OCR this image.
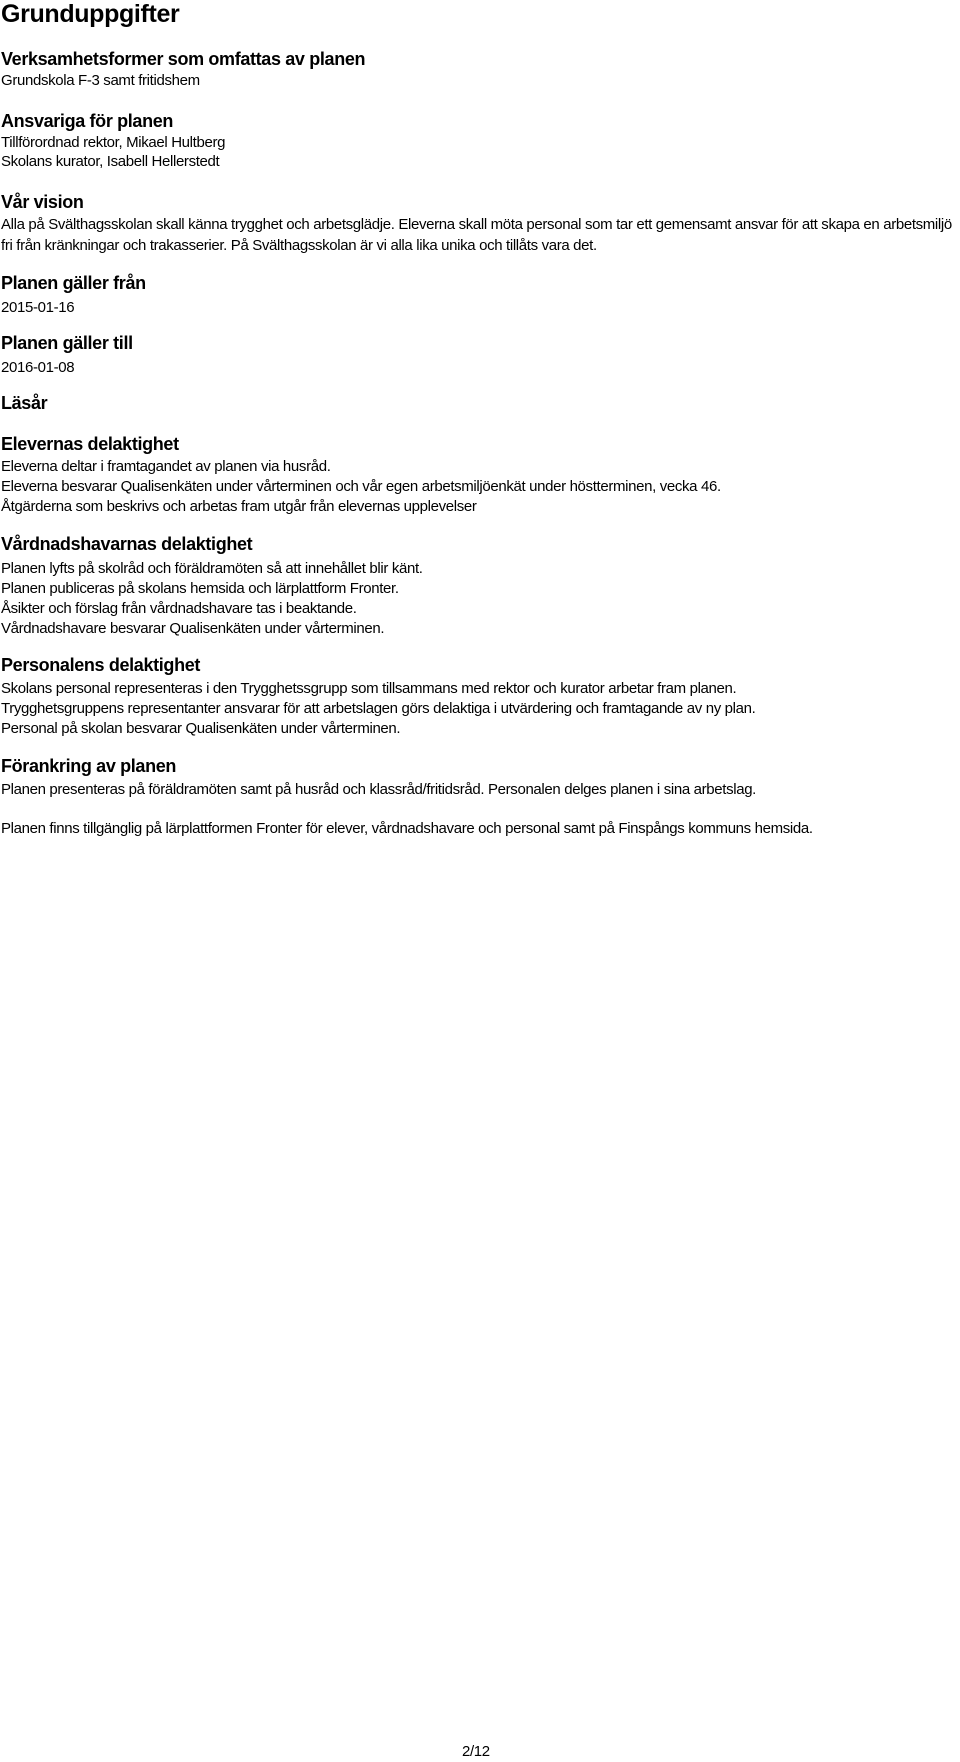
Grunduppgifter
Verksamhetsformer som omfattas av planen

Grundskola F-3 samt fritidshem

Ansvariga för planen

Tillförordnad rektor, Mikael Hultberg

Skolans kurator, Isabell Hellerstedt

Vår vision

Alla på Svälthagsskolan skall känna trygghet och arbetsglädje. Eleverna skall möta personal som tar ett gemensamt ansvar för att skapa en arbetsmiljö fri från kränkningar och trakasserier. På Svälthagsskolan är vi alla lika unika och tillåts vara det.

Planen gäller från

2015-01-16

Planen gäller till

2016-01-08

Läsår
Elevernas delaktighet

Eleverna deltar i framtagandet av planen via husråd.

Eleverna besvarar Qualisenkäten under vårterminen och vår egen arbetsmiljöenkät under höstterminen, vecka 46.

Åtgärderna som beskrivs och arbetas fram utgår från elevernas upplevelser

Vårdnadshavarnas delaktighet

Planen lyfts på skolråd och föräldramöten så att innehållet blir känt.

Planen publiceras på skolans hemsida och lärplattform Fronter.

Åsikter och förslag från vårdnadshavare tas i beaktande.

Vårdnadshavare besvarar Qualisenkäten under vårterminen.

Personalens delaktighet

Skolans personal representeras i den Trygghetssgrupp som tillsammans med rektor och kurator arbetar fram planen.

Trygghetsgruppens representanter ansvarar för att arbetslagen görs delaktiga i utvärdering och framtagande av ny plan.

Personal på skolan besvarar Qualisenkäten under vårterminen.

Förankring av planen

Planen presenteras på föräldramöten samt på husråd och klassråd/fritidsråd. Personalen delges planen i sina arbetslag.

Planen finns tillgänglig på lärplattformen Fronter för elever, vårdnadshavare och personal samt på Finspångs kommuns hemsida.

2/12
